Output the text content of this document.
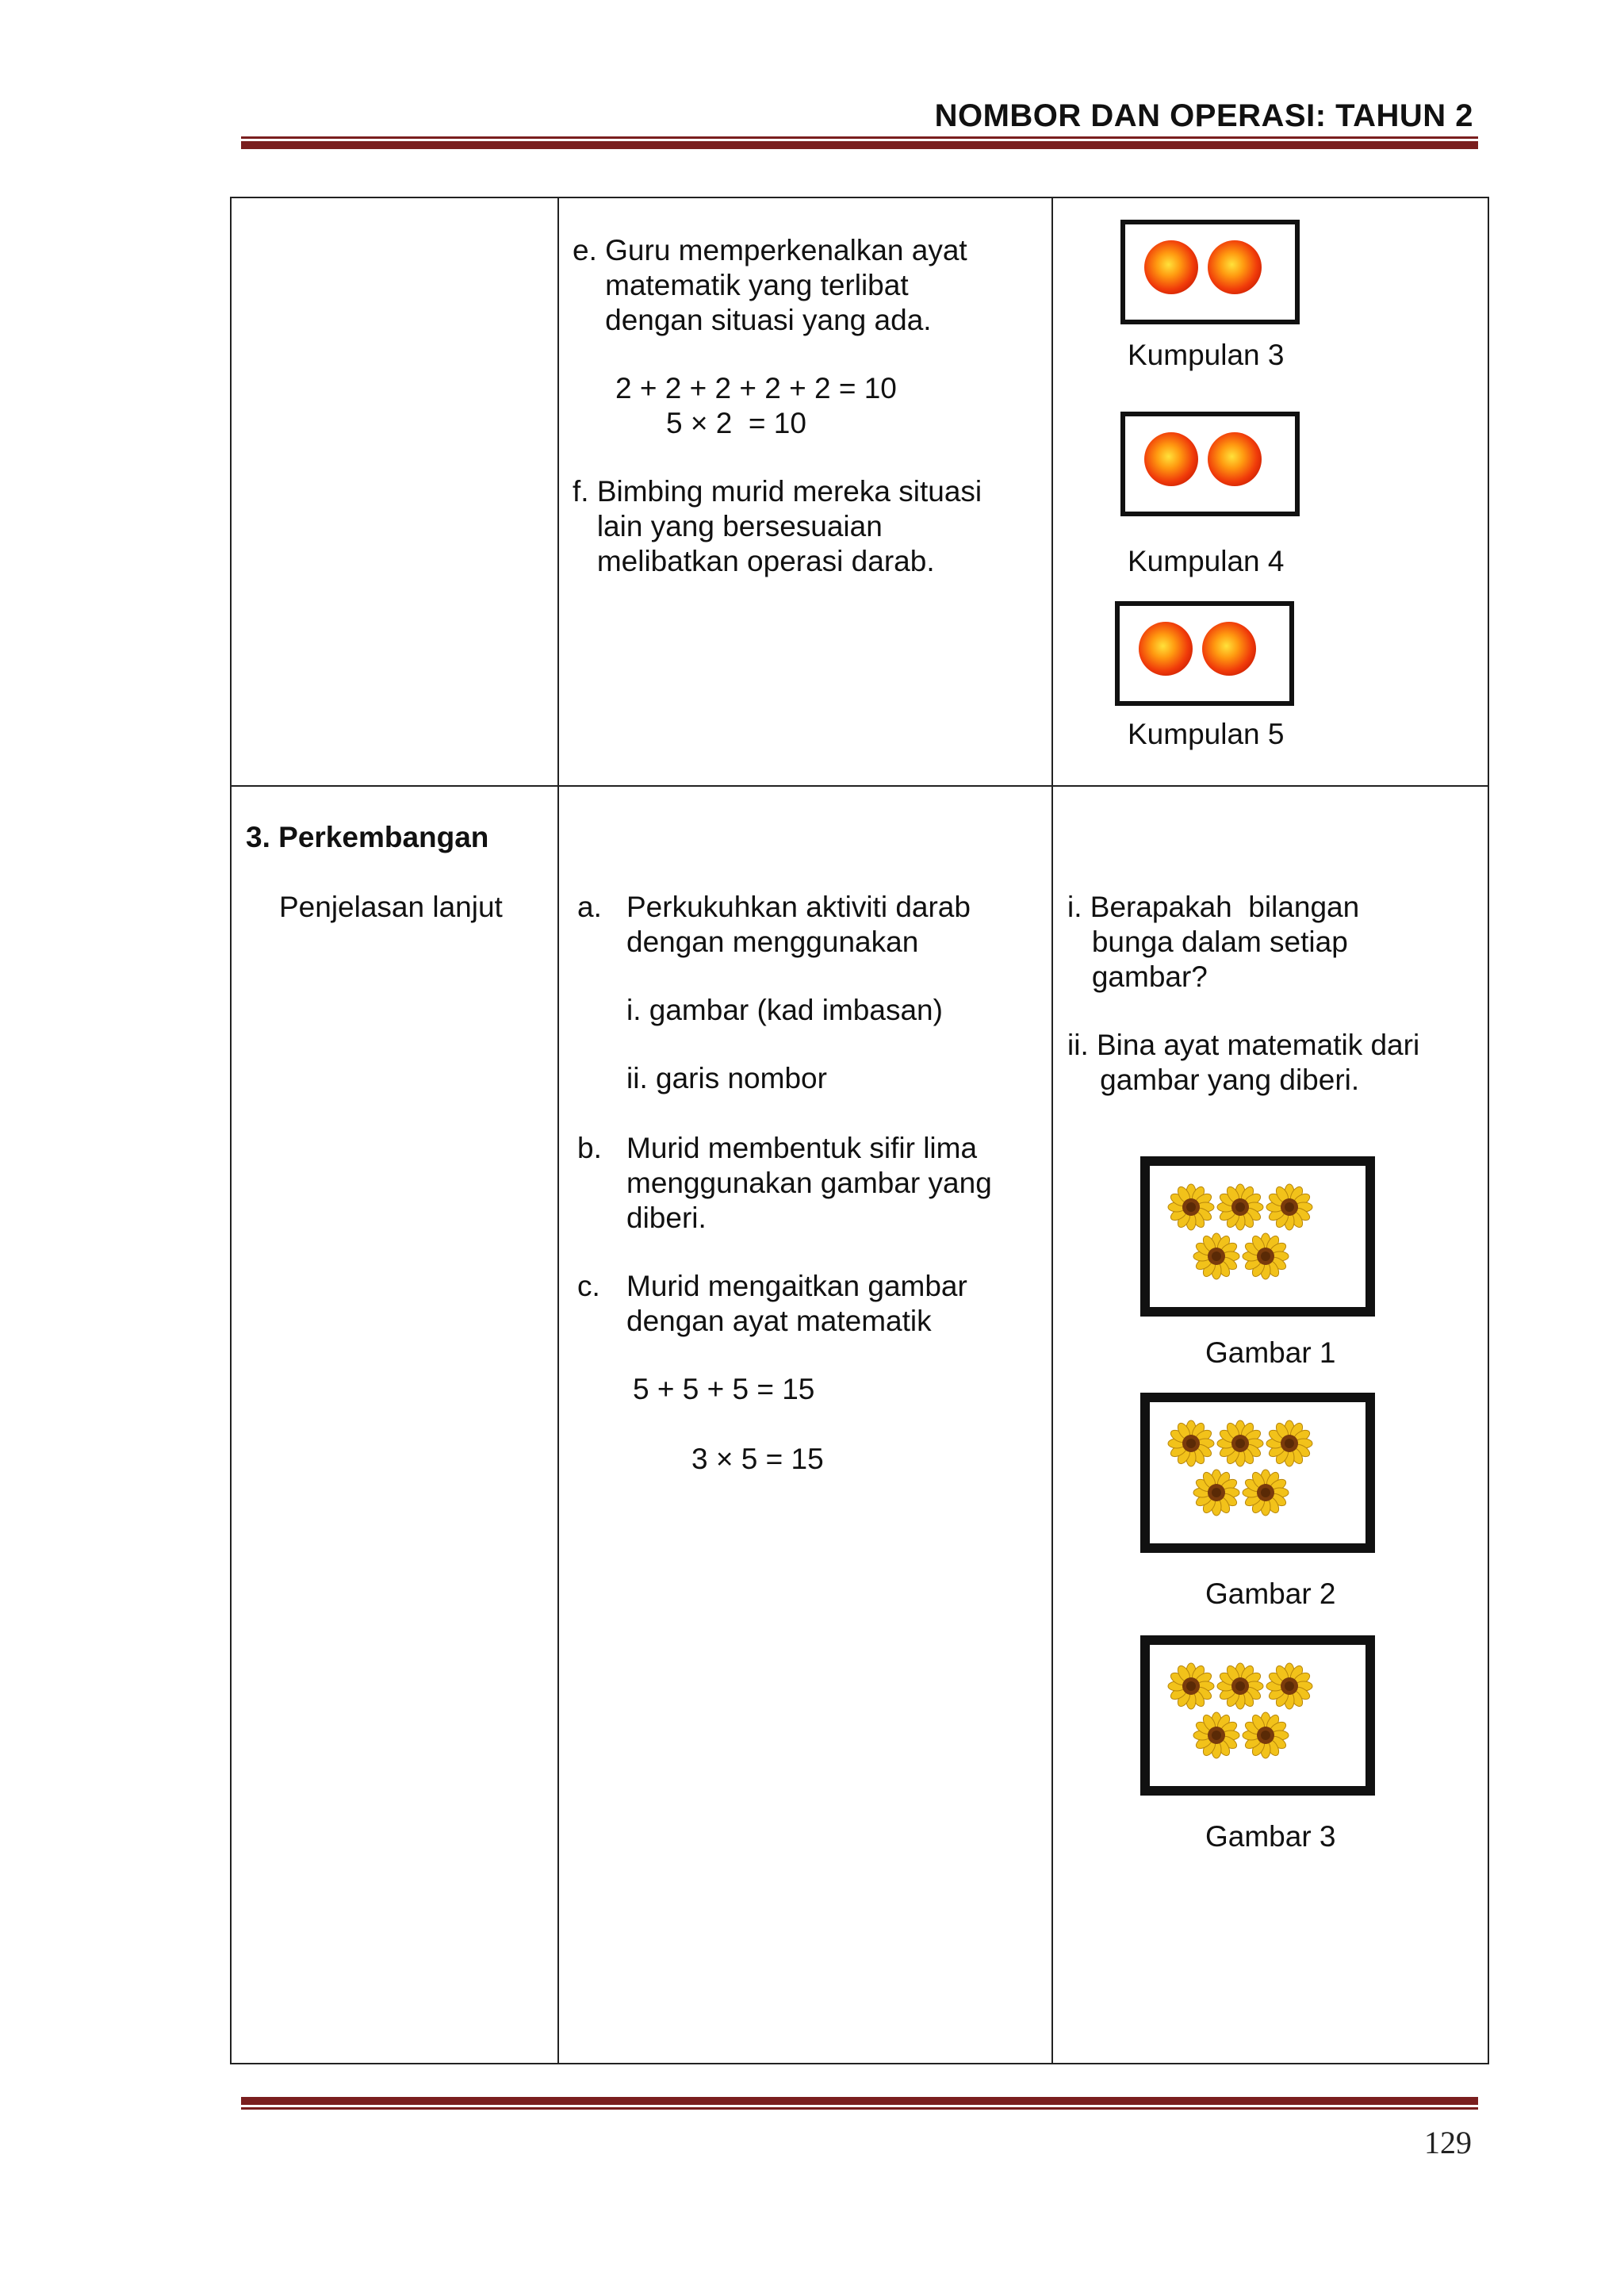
NOMBOR DAN OPERASI: TAHUN 2
e. Guru memperkenalkan ayat
matematik yang terlibat
dengan situasi yang ada.
2 + 2 + 2 + 2 + 2 = 10
5 × 2  = 10
f. Bimbing murid mereka situasi
lain yang bersesuaian
melibatkan operasi darab.
Kumpulan 3
Kumpulan 4
Kumpulan 5
3. Perkembangan
Penjelasan lanjut	a. Perkukuhkan aktiviti darab
dengan menggunakan
i. gambar (kad imbasan)
ii. garis nombor
b. Murid membentuk sifir lima
menggunakan gambar yang
diberi.
c. Murid mengaitkan gambar
dengan ayat matematik
5 + 5 + 5 = 15
3 × 5 = 15
i. Berapakah  bilangan
bunga dalam setiap
gambar?
ii. Bina ayat matematik dari
gambar yang diberi.
Gambar 1
Gambar 2
Gambar 3
129
